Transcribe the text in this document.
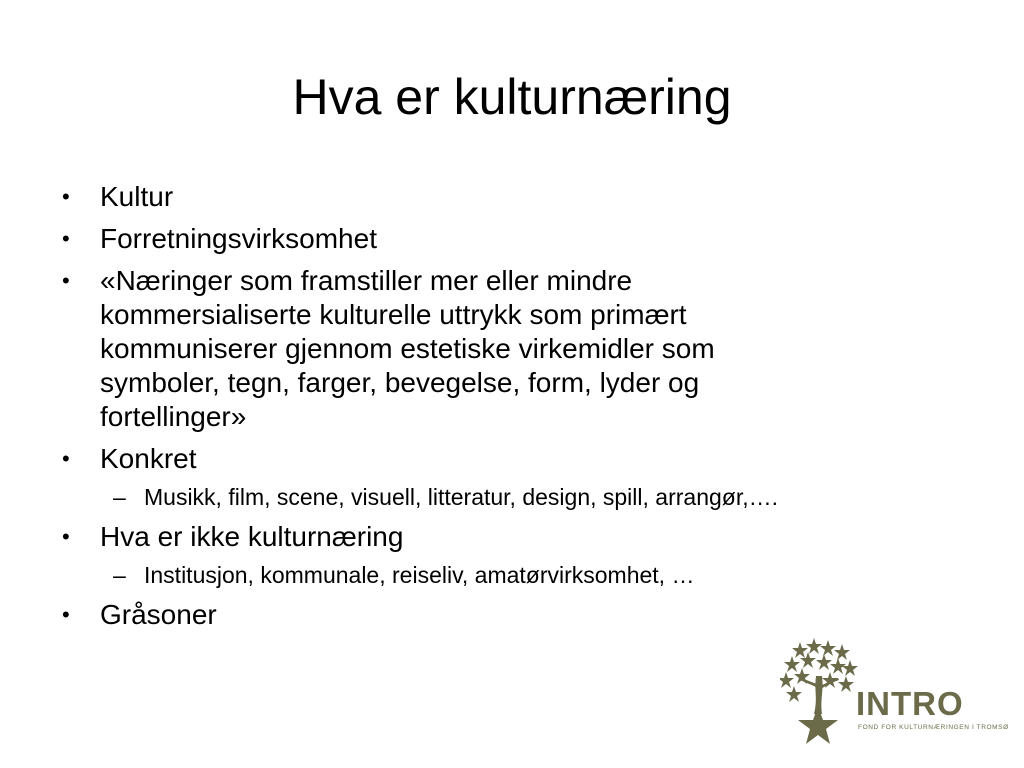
Hva er kulturnæring
•	Kultur
•	Forretningsvirksomhet
•	«Næringer som framstiller mer eller mindre kommersialiserte kulturelle uttrykk som primært kommuniserer gjennom estetiske virkemidler som symboler, tegn, farger, bevegelse, form, lyder og fortellinger»
•	Konkret
– Musikk, film, scene, visuell, litteratur, design, spill, arrangør,….
•	Hva er ikke kulturnæring
– Institusjon, kommunale, reiseliv, amatørvirksomhet, …
•	Gråsoner
INTRO
FOND FOR KULTURNÆRINGEN I TROMSØ
